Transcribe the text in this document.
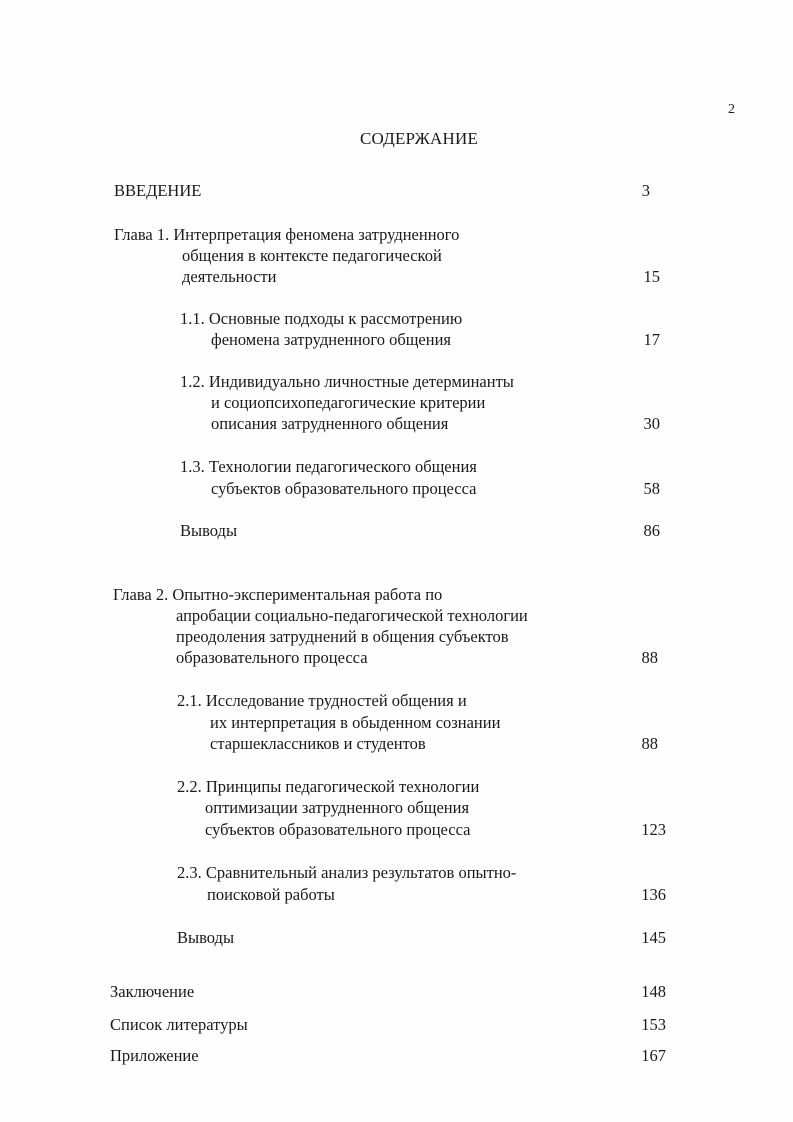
2
СОДЕРЖАНИЕ
ВВЕДЕНИЕ	3
Глава 1. Интерпретация феномена затрудненного
общения в контексте педагогической
деятельности	15
1.1. Основные подходы к рассмотрению
феномена затрудненного общения	17
1.2. Индивидуально личностные детерминанты
и социопсихопедагогические критерии
описания затрудненного общения	30
1.3. Технологии педагогического общения
субъектов образовательного процесса	58
Выводы	86
Глава 2. Опытно-экспериментальная работа по
апробации социально-педагогической технологии
преодоления затруднений в общения субъектов
образовательного процесса	88
2.1. Исследование трудностей общения и
их интерпретация в обыденном сознании
старшеклассников и студентов	88
2.2. Принципы педагогической технологии
оптимизации затрудненного общения
субъектов образовательного процесса	123
2.3. Сравнительный анализ результатов опытно-
поисковой работы	136
Выводы	145
Заключение	148
Список литературы	153
Приложение	167
